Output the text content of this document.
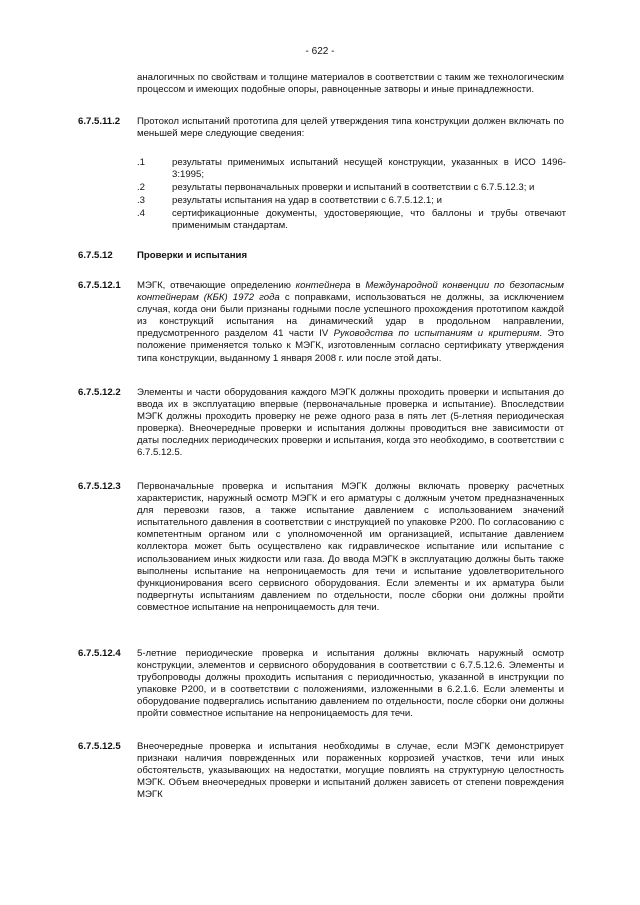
- 622 -
аналогичных по свойствам и толщине материалов в соответствии с таким же технологическим процессом и имеющих подобные опоры, равноценные затворы и иные принадлежности.
6.7.5.11.2	Протокол испытаний прототипа для целей утверждения типа конструкции должен включать по меньшей мере следующие сведения:
.1	результаты применимых испытаний несущей конструкции, указанных в ИСО 1496-3:1995;
.2	результаты первоначальных проверки и испытаний в соответствии с 6.7.5.12.3; и
.3	результаты испытания на удар в соответствии с 6.7.5.12.1; и
.4	сертификационные документы, удостоверяющие, что баллоны и трубы отвечают применимым стандартам.
6.7.5.12	Проверки и испытания
6.7.5.12.1	МЭГК, отвечающие определению контейнера в Международной конвенции по безопасным контейнерам (КБК) 1972 года с поправками, использоваться не должны, за исключением случая, когда они были признаны годными после успешного прохождения прототипом каждой из конструкций испытания на динамический удар в продольном направлении, предусмотренного разделом 41 части IV Руководства по испытаниям и критериям. Это положение применяется только к МЭГК, изготовленным согласно сертификату утверждения типа конструкции, выданному 1 января 2008 г. или после этой даты.
6.7.5.12.2	Элементы и части оборудования каждого МЭГК должны проходить проверки и испытания до ввода их в эксплуатацию впервые (первоначальные проверка и испытание). Впоследствии МЭГК должны проходить проверку не реже одного раза в пять лет (5-летняя периодическая проверка). Внеочередные проверки и испытания должны проводиться вне зависимости от даты последних периодических проверки и испытания, когда это необходимо, в соответствии с 6.7.5.12.5.
6.7.5.12.3	Первоначальные проверка и испытания МЭГК должны включать проверку расчетных характеристик, наружный осмотр МЭГК и его арматуры с должным учетом предназначенных для перевозки газов, а также испытание давлением с использованием значений испытательного давления в соответствии с инструкцией по упаковке P200. По согласованию с компетентным органом или с уполномоченной им организацией, испытание давлением коллектора может быть осуществлено как гидравлическое испытание или испытание с использованием иных жидкости или газа. До ввода МЭГК в эксплуатацию должны быть также выполнены испытание на непроницаемость для течи и испытание удовлетворительного функционирования всего сервисного оборудования. Если элементы и их арматура были подвергнуты испытаниям давлением по отдельности, после сборки они должны пройти совместное испытание на непроницаемость для течи.
6.7.5.12.4	5-летние периодические проверка и испытания должны включать наружный осмотр конструкции, элементов и сервисного оборудования в соответствии с 6.7.5.12.6. Элементы и трубопроводы должны проходить испытания с периодичностью, указанной в инструкции по упаковке P200, и в соответствии с положениями, изложенными в 6.2.1.6. Если элементы и оборудование подвергались испытанию давлением по отдельности, после сборки они должны пройти совместное испытание на непроницаемость для течи.
6.7.5.12.5	Внеочередные проверка и испытания необходимы в случае, если МЭГК демонстрирует признаки наличия поврежденных или пораженных коррозией участков, течи или иных обстоятельств, указывающих на недостатки, могущие повлиять на структурную целостность МЭГК. Объем внеочередных проверки и испытаний должен зависеть от степени повреждения МЭГК
